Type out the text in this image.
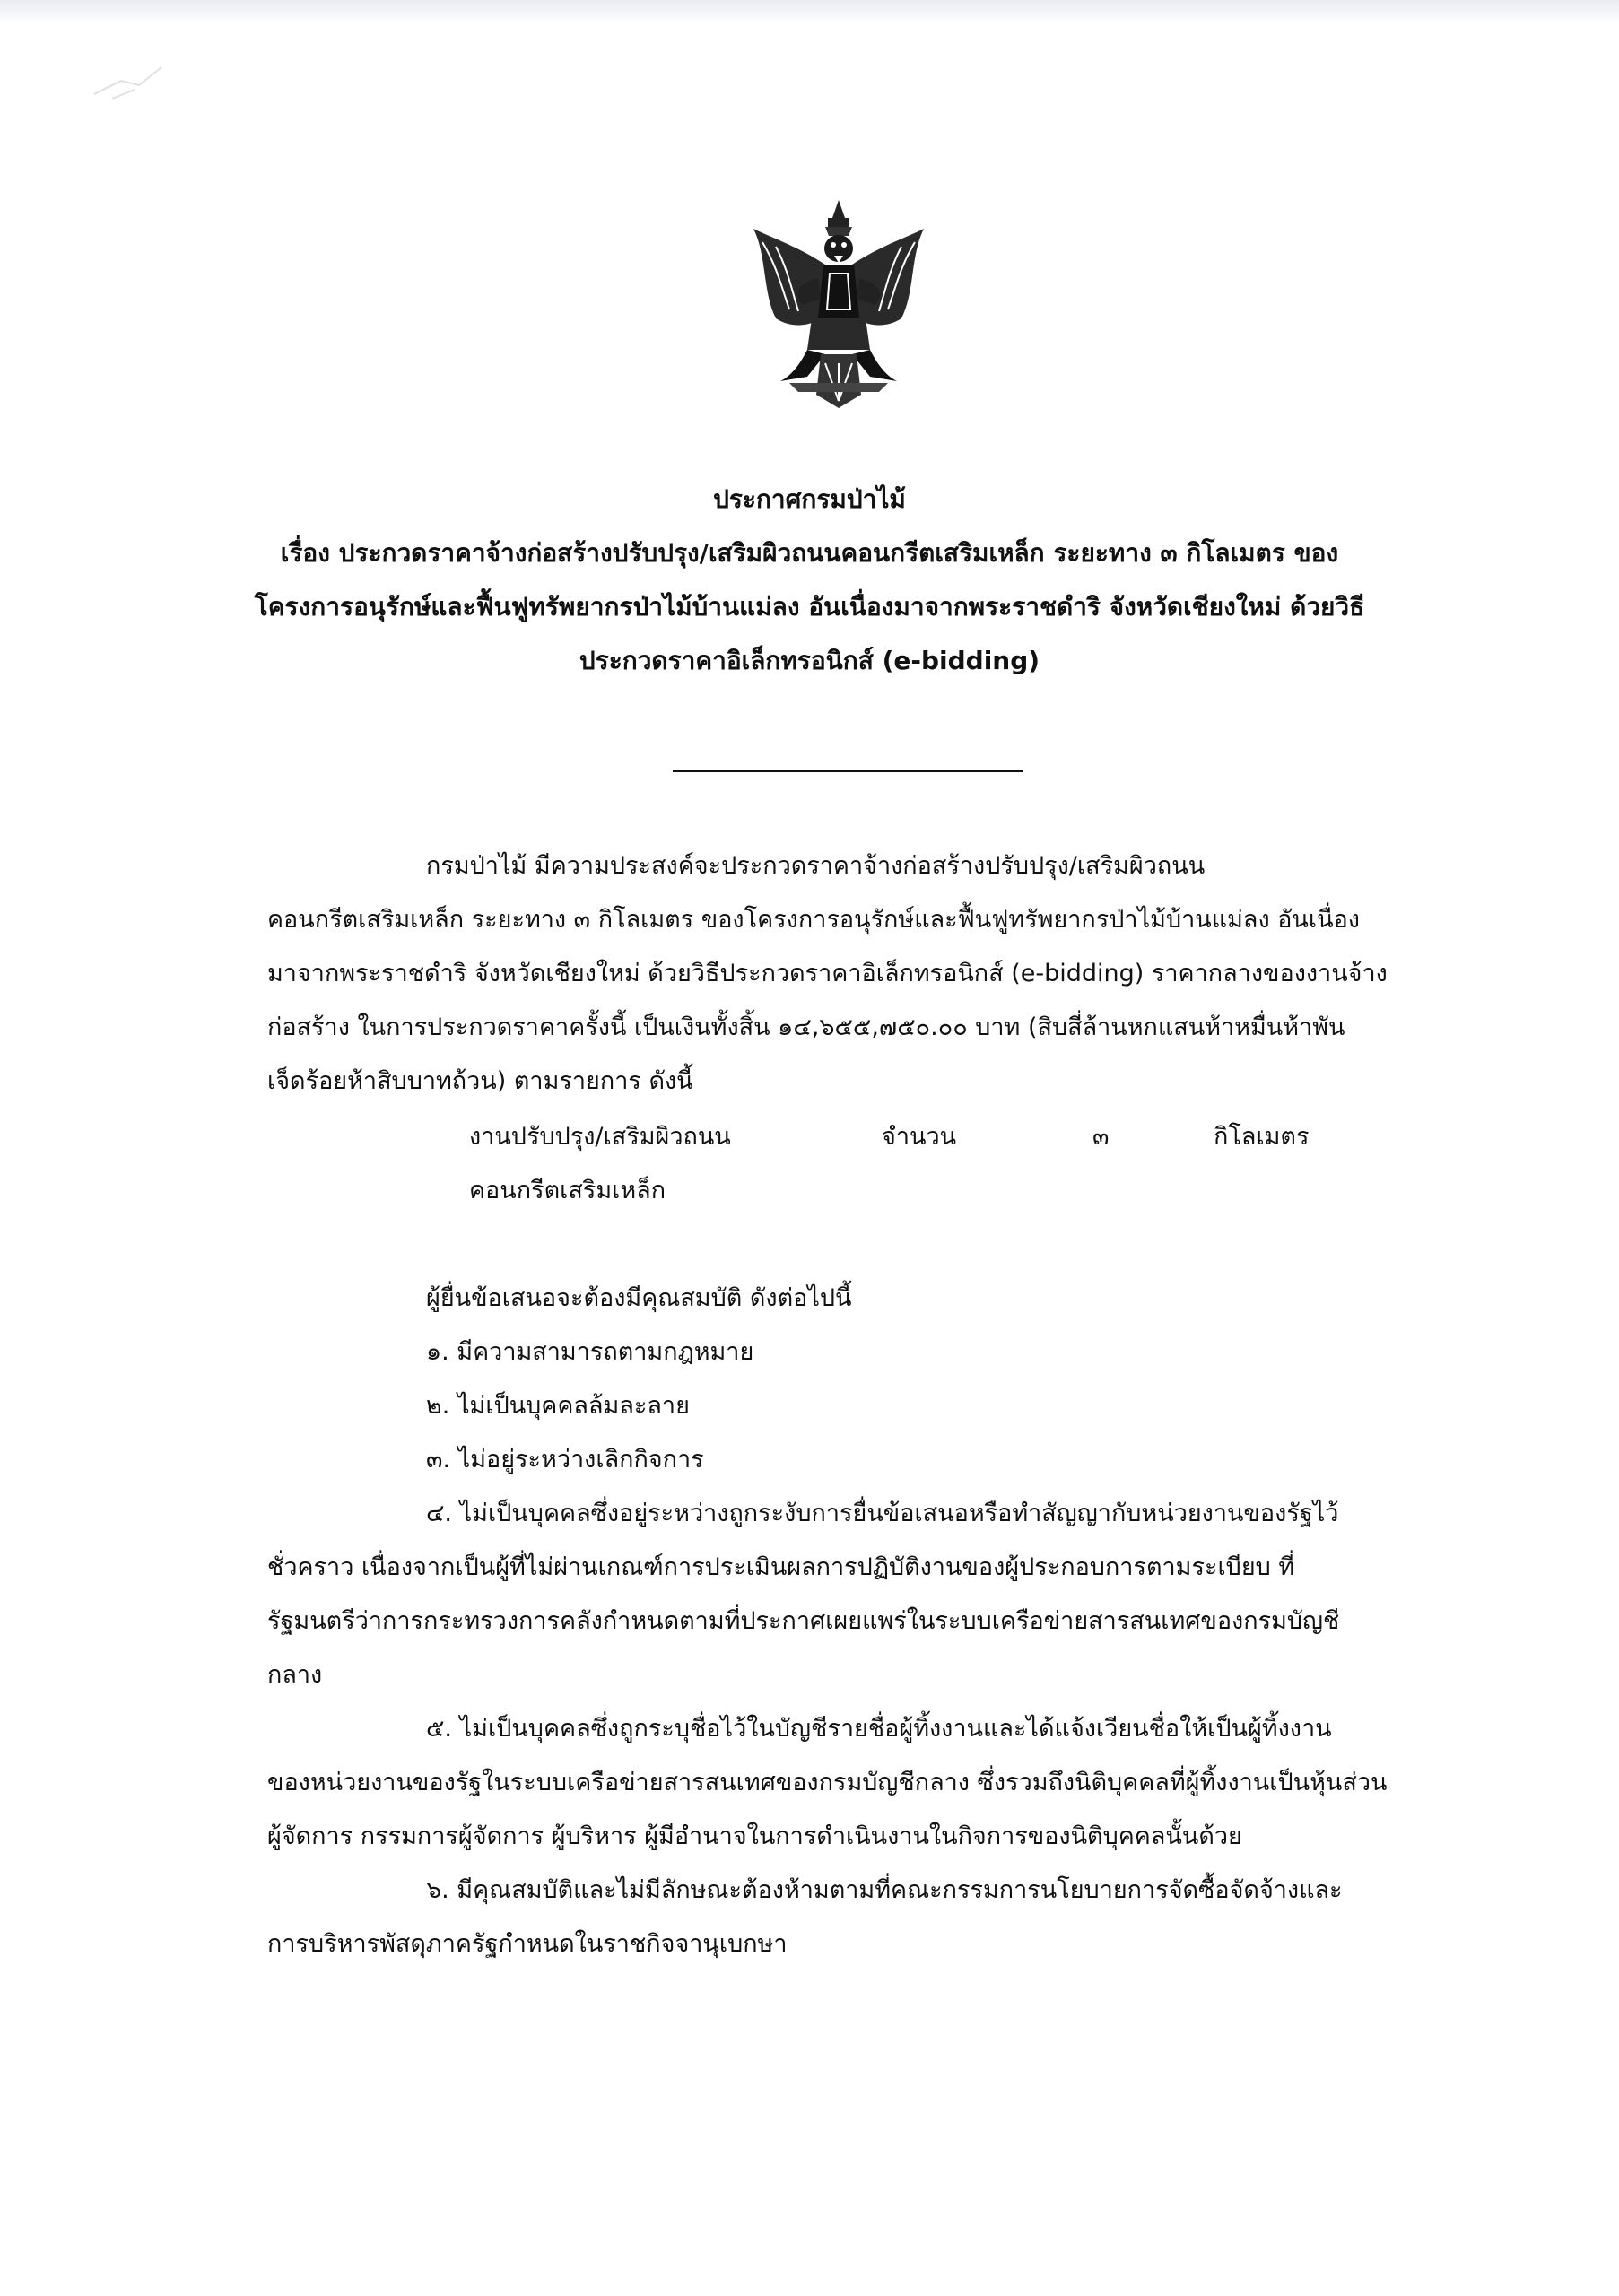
ประกาศกรมป่าไม้
เรื่อง ประกวดราคาจ้างก่อสร้างปรับปรุง/เสริมผิวถนนคอนกรีตเสริมเหล็ก ระยะทาง ๓ กิโลเมตร ของ
โครงการอนุรักษ์และฟื้นฟูทรัพยากรป่าไม้บ้านแม่ลง อันเนื่องมาจากพระราชดำริ จังหวัดเชียงใหม่ ด้วยวิธี
ประกวดราคาอิเล็กทรอนิกส์ (e-bidding)
กรมป่าไม้ มีความประสงค์จะประกวดราคาจ้างก่อสร้างปรับปรุง/เสริมผิวถนน
คอนกรีตเสริมเหล็ก ระยะทาง ๓ กิโลเมตร ของโครงการอนุรักษ์และฟื้นฟูทรัพยากรป่าไม้บ้านแม่ลง อันเนื่อง
มาจากพระราชดำริ จังหวัดเชียงใหม่ ด้วยวิธีประกวดราคาอิเล็กทรอนิกส์ (e-bidding) ราคากลางของงานจ้าง
ก่อสร้าง ในการประกวดราคาครั้งนี้ เป็นเงินทั้งสิ้น ๑๔,๖๕๕,๗๕๐.๐๐ บาท (สิบสี่ล้านหกแสนห้าหมื่นห้าพัน
เจ็ดร้อยห้าสิบบาทถ้วน) ตามรายการ ดังนี้
งานปรับปรุง/เสริมผิวถนน
คอนกรีตเสริมเหล็ก
จำนวน	๓	กิโลเมตร
ผู้ยื่นข้อเสนอจะต้องมีคุณสมบัติ ดังต่อไปนี้
๑. มีความสามารถตามกฎหมาย
๒. ไม่เป็นบุคคลล้มละลาย
๓. ไม่อยู่ระหว่างเลิกกิจการ
๔. ไม่เป็นบุคคลซึ่งอยู่ระหว่างถูกระงับการยื่นข้อเสนอหรือทำสัญญากับหน่วยงานของรัฐไว้
ชั่วคราว เนื่องจากเป็นผู้ที่ไม่ผ่านเกณฑ์การประเมินผลการปฏิบัติงานของผู้ประกอบการตามระเบียบ ที่
รัฐมนตรีว่าการกระทรวงการคลังกำหนดตามที่ประกาศเผยแพร่ในระบบเครือข่ายสารสนเทศของกรมบัญชี
กลาง
๕. ไม่เป็นบุคคลซึ่งถูกระบุชื่อไว้ในบัญชีรายชื่อผู้ทิ้งงานและได้แจ้งเวียนชื่อให้เป็นผู้ทิ้งงาน
ของหน่วยงานของรัฐในระบบเครือข่ายสารสนเทศของกรมบัญชีกลาง ซึ่งรวมถึงนิติบุคคลที่ผู้ทิ้งงานเป็นหุ้นส่วน
ผู้จัดการ กรรมการผู้จัดการ ผู้บริหาร ผู้มีอำนาจในการดำเนินงานในกิจการของนิติบุคคลนั้นด้วย
๖. มีคุณสมบัติและไม่มีลักษณะต้องห้ามตามที่คณะกรรมการนโยบายการจัดซื้อจัดจ้างและ
การบริหารพัสดุภาครัฐกำหนดในราชกิจจานุเบกษา
